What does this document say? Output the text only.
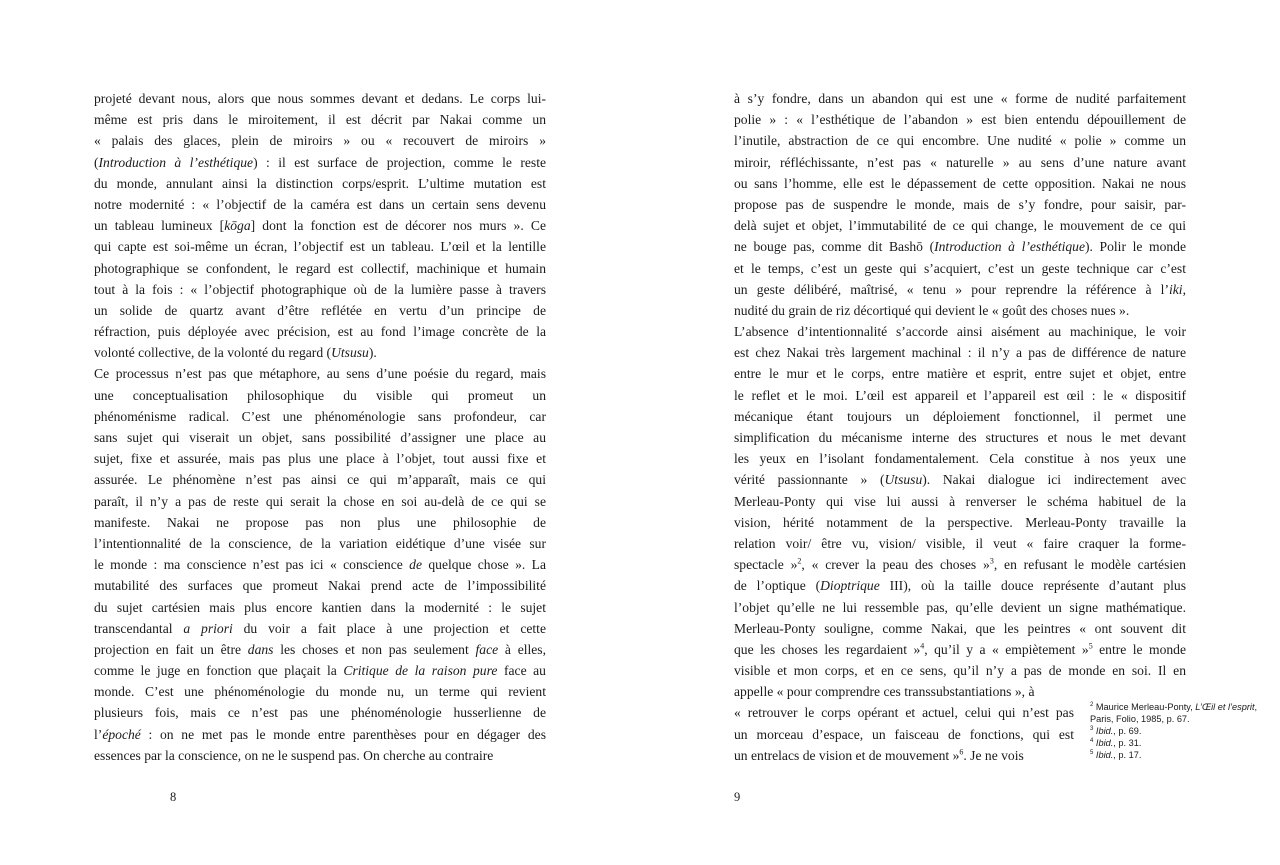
projeté devant nous, alors que nous sommes devant et dedans. Le corps lui-
même est pris dans le miroitement, il est décrit par Nakai comme un
« palais des glaces, plein de miroirs » ou « recouvert de miroirs »
(Introduction à l’esthétique) : il est surface de projection, comme le reste
du monde, annulant ainsi la distinction corps/esprit. L’ultime mutation est
notre modernité : « l’objectif de la caméra est dans un certain sens devenu
un tableau lumineux [kōga] dont la fonction est de décorer nos murs ». Ce
qui capte est soi-même un écran, l’objectif est un tableau. L’œil et la lentille
photographique se confondent, le regard est collectif, machinique et humain
tout à la fois : « l’objectif photographique où de la lumière passe à travers
un solide de quartz avant d’être reflétée en vertu d’un principe de
réfraction, puis déployée avec précision, est au fond l’image concrète de la
volonté collective, de la volonté du regard (Utsusu).
Ce processus n’est pas que métaphore, au sens d’une poésie du regard, mais
une conceptualisation philosophique du visible qui promeut un
phénoménisme radical. C’est une phénoménologie sans profondeur, car
sans sujet qui viserait un objet, sans possibilité d’assigner une place au
sujet, fixe et assurée, mais pas plus une place à l’objet, tout aussi fixe et
assurée. Le phénomène n’est pas ainsi ce qui m’apparaît, mais ce qui
paraît, il n’y a pas de reste qui serait la chose en soi au-delà de ce qui se
manifeste. Nakai ne propose pas non plus une philosophie de
l’intentionnalité de la conscience, de la variation eidétique d’une visée sur
le monde : ma conscience n’est pas ici « conscience de quelque chose ». La
mutabilité des surfaces que promeut Nakai prend acte de l’impossibilité
du sujet cartésien mais plus encore kantien dans la modernité : le sujet
transcendantal a priori du voir a fait place à une projection et cette
projection en fait un être dans les choses et non pas seulement face à elles,
comme le juge en fonction que plaçait la Critique de la raison pure face au
monde. C’est une phénoménologie du monde nu, un terme qui revient
plusieurs fois, mais ce n’est pas une phénoménologie husserlienne de
l’époché : on ne met pas le monde entre parenthèses pour en dégager des
essences par la conscience, on ne le suspend pas. On cherche au contraire
8
à s’y fondre, dans un abandon qui est une « forme de nudité parfaitement
polie » : « l’esthétique de l’abandon » est bien entendu dépouillement de
l’inutile, abstraction de ce qui encombre. Une nudité « polie » comme un
miroir, réfléchissante, n’est pas « naturelle » au sens d’une nature avant
ou sans l’homme, elle est le dépassement de cette opposition. Nakai ne nous
propose pas de suspendre le monde, mais de s’y fondre, pour saisir, par-
delà sujet et objet, l’immutabilité de ce qui change, le mouvement de ce qui
ne bouge pas, comme dit Bashō (Introduction à l’esthétique). Polir le monde
et le temps, c’est un geste qui s’acquiert, c’est un geste technique car c’est
un geste délibéré, maîtrisé, « tenu » pour reprendre la référence à l’iki,
nudité du grain de riz décortiqué qui devient le « goût des choses nues ».
L’absence d’intentionnalité s’accorde ainsi aisément au machinique, le voir
est chez Nakai très largement machinal : il n’y a pas de différence de nature
entre le mur et le corps, entre matière et esprit, entre sujet et objet, entre
le reflet et le moi. L’œil est appareil et l’appareil est œil : le « dispositif
mécanique étant toujours un déploiement fonctionnel, il permet une
simplification du mécanisme interne des structures et nous le met devant
les yeux en l’isolant fondamentalement. Cela constitue à nos yeux une
vérité passionnante » (Utsusu). Nakai dialogue ici indirectement avec
Merleau-Ponty qui vise lui aussi à renverser le schéma habituel de la
vision, hérité notamment de la perspective. Merleau-Ponty travaille la
relation voir/ être vu, vision/ visible, il veut « faire craquer la forme-
spectacle »$^2$, « crever la peau des choses »$^3$, en refusant le modèle cartésien
de l’optique (Dioptrique III), où la taille douce représente d’autant plus
l’objet qu’elle ne lui ressemble pas, qu’elle devient un signe mathématique.
Merleau-Ponty souligne, comme Nakai, que les peintres « ont souvent dit
que les choses les regardaient »$^4$, qu’il y a « empiètement »$^5$ entre le monde
visible et mon corps, et en ce sens, qu’il n’y a pas de monde en soi. Il en
appelle « pour comprendre ces transsubstantiations », à
« retrouver le corps opérant et actuel, celui qui n’est pas
un morceau d’espace, un faisceau de fonctions, qui est
un entrelacs de vision et de mouvement »$^6$. Je ne vois
9
$^2$ Maurice Merleau-Ponty, L’Œil et l’esprit,
Paris, Folio, 1985, p. 67.
$^3$ Ibid., p. 69.
$^4$ Ibid., p. 31.
$^5$ Ibid., p. 17.
